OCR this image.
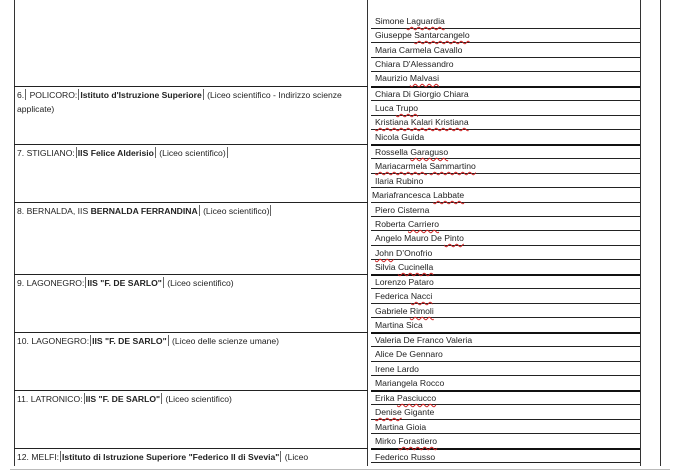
6. POLICORO: Istituto d'Istruzione Superiore (Liceo scientifico - Indirizzo scienze applicate)
7. STIGLIANO: IIS Felice Alderisio (Liceo scientifico)
8. BERNALDA, IIS BERNALDA FERRANDINA (Liceo scientifico)
9. LAGONEGRO: IIS "F. DE SARLO" (Liceo scientifico)
10. LAGONEGRO: IIS "F. DE SARLO" (Liceo delle scienze umane)
11. LATRONICO: IIS "F. DE SARLO" (Liceo scientifico)
12. MELFI: Istituto di Istruzione Superiore "Federico II di Svevia" (Liceo
Simone Laguardia
Giuseppe Santarcangelo
Maria Carmela Cavallo
Chiara D'Alessandro
Maurizio Malvasi
Chiara Di Giorgio Chiara
Luca Trupo
Kristiana Kalari Kristiana
Nicola Guida
Rossella Garaguso
Mariacarmela Sammartino
Ilaria Rubino
Mariafrancesca Labbate
Piero Cisterna
Roberta Carriero
Angelo Mauro De Pinto
John D’Onofrio
Silvia Cucinella
Lorenzo Pataro
Federica Nacci
Gabriele Rimoli
Martina Sica
Valeria De Franco Valeria
Alice De Gennaro
Irene Lardo
Mariangela Rocco
Erika Pasciucco
Denise Gigante
Martina Gioia
Mirko Forastiero
Federico Russo
